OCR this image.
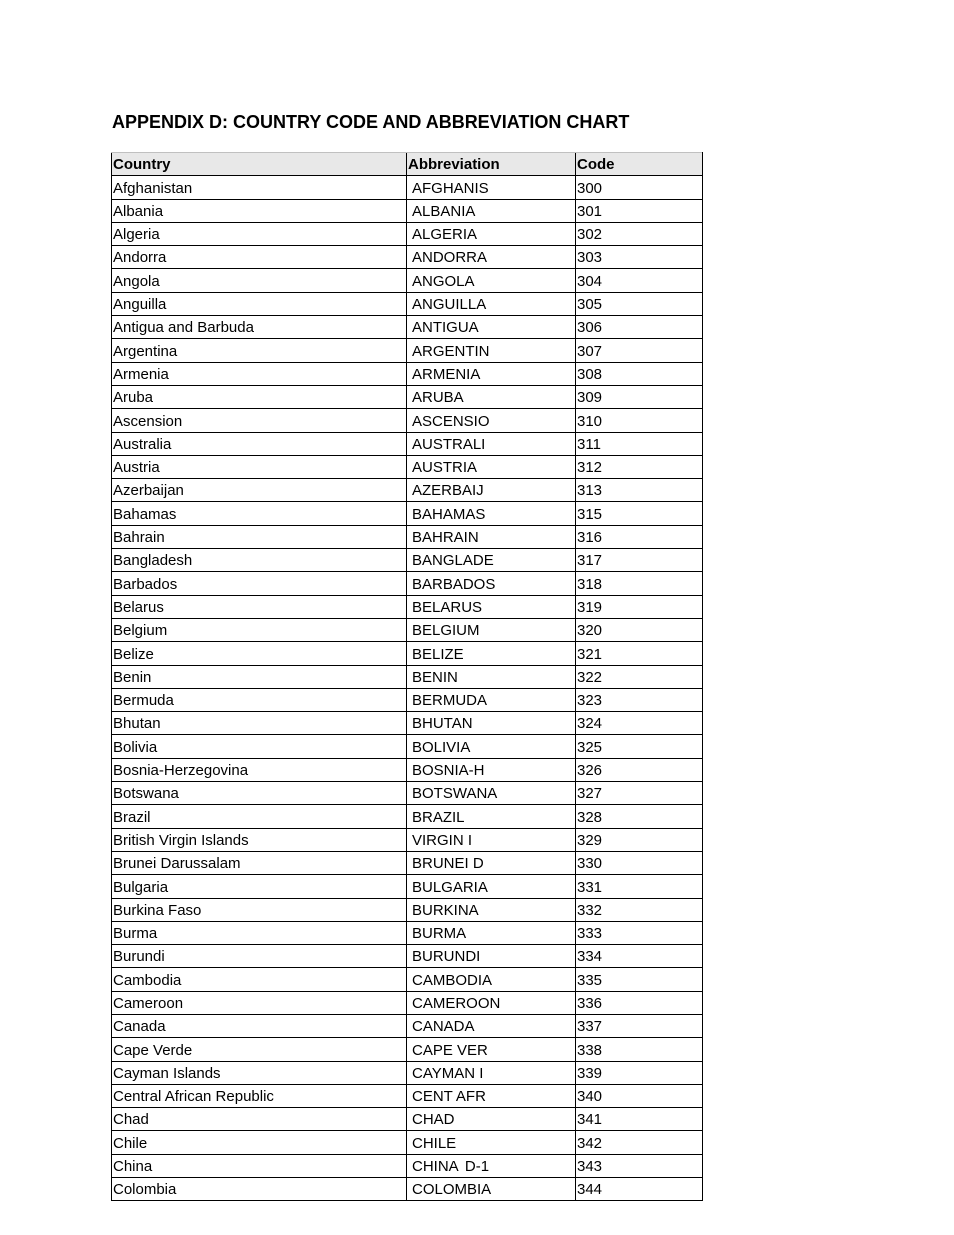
APPENDIX D: COUNTRY CODE AND ABBREVIATION CHART
Country	Abbreviation	Code
Afghanistan	AFGHANIS	300
Albania	ALBANIA	301
Algeria	ALGERIA	302
Andorra	ANDORRA	303
Angola	ANGOLA	304
Anguilla	ANGUILLA	305
Antigua and Barbuda	ANTIGUA	306
Argentina	ARGENTIN	307
Armenia	ARMENIA	308
Aruba	ARUBA	309
Ascension	ASCENSIO	310
Australia	AUSTRALI	311
Austria	AUSTRIA	312
Azerbaijan	AZERBAIJ	313
Bahamas	BAHAMAS	315
Bahrain	BAHRAIN	316
Bangladesh	BANGLADE	317
Barbados	BARBADOS	318
Belarus	BELARUS	319
Belgium	BELGIUM	320
Belize	BELIZE	321
Benin	BENIN	322
Bermuda	BERMUDA	323
Bhutan	BHUTAN	324
Bolivia	BOLIVIA	325
Bosnia-Herzegovina	BOSNIA-H	326
Botswana	BOTSWANA	327
Brazil	BRAZIL	328
British Virgin Islands	VIRGIN I	329
Brunei Darussalam	BRUNEI D	330
Bulgaria	BULGARIA	331
Burkina Faso	BURKINA	332
Burma	BURMA	333
Burundi	BURUNDI	334
Cambodia	CAMBODIA	335
Cameroon	CAMEROON	336
Canada	CANADA	337
Cape Verde	CAPE VER	338
Cayman Islands	CAYMAN I	339
Central African Republic	CENT AFR	340
Chad	CHAD	341
Chile	CHILE	342
China	CHINA	343
Colombia	COLOMBIA	344
D-1
